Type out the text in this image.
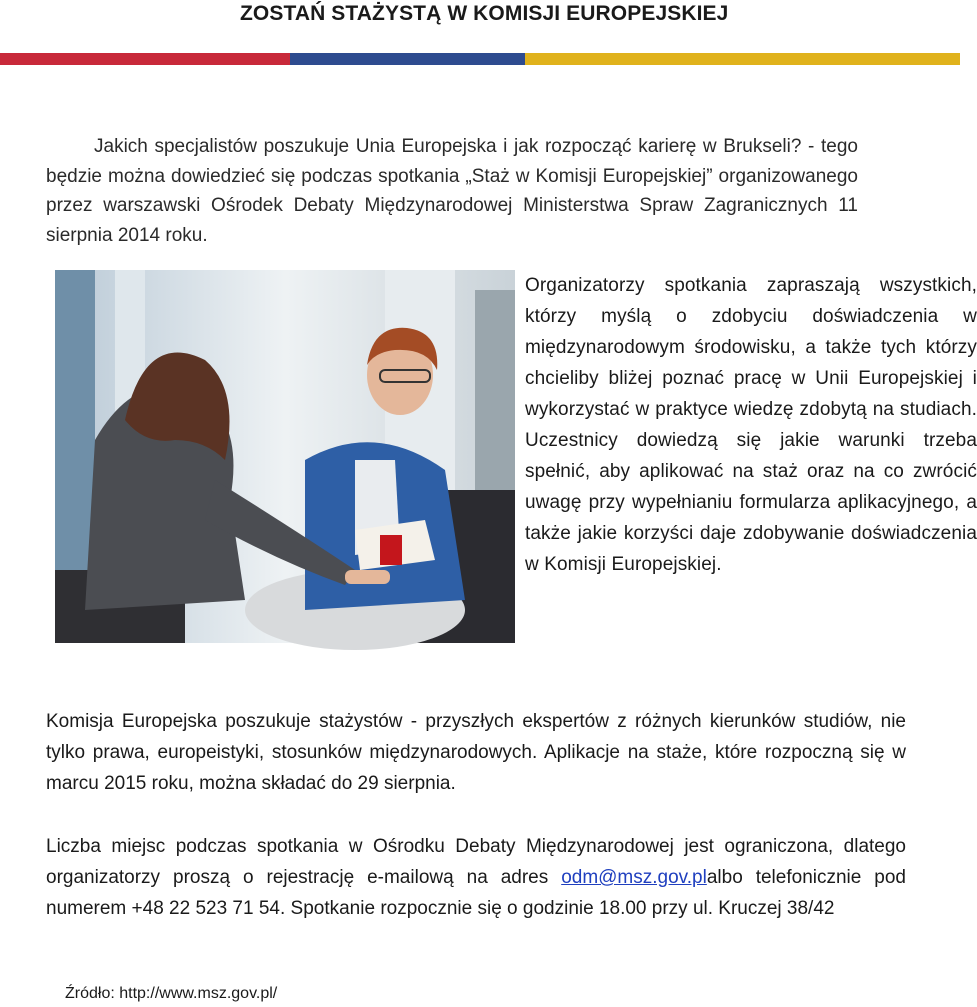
ZOSTAŃ STAŻYSTĄ W KOMISJI EUROPEJSKIEJ

Jakich specjalistów poszukuje Unia Europejska i jak rozpocząć karierę w Brukseli? - tego będzie można dowiedzieć się podczas spotkania „Staż w Komisji Europejskiej” organizowanego przez warszawski Ośrodek Debaty Międzynarodowej Ministerstwa Spraw Zagranicznych 11 sierpnia 2014 roku.

Organizatorzy spotkania zapraszają wszystkich, którzy myślą o zdobyciu doświadczenia w międzynarodowym środowisku, a także tych którzy chcieliby bliżej poznać pracę w Unii Europejskiej i wykorzystać w praktyce wiedzę zdobytą na studiach. Uczestnicy dowiedzą się jakie warunki trzeba spełnić, aby aplikować na staż oraz na co zwrócić uwagę przy wypełnianiu formularza aplikacyjnego, a także jakie korzyści daje zdobywanie doświadczenia w Komisji Europejskiej.

Komisja Europejska poszukuje stażystów - przyszłych ekspertów z różnych kierunków studiów, nie tylko prawa, europeistyki, stosunków międzynarodowych. Aplikacje na staże, które rozpoczną się w marcu 2015 roku, można składać do 29 sierpnia.

Liczba miejsc podczas spotkania w Ośrodku Debaty Międzynarodowej jest ograniczona, dlatego organizatorzy proszą o rejestrację e-mailową na adres odm@msz.gov.plalbo telefonicznie pod numerem +48 22 523 71 54. Spotkanie rozpocznie się o godzinie 18.00 przy ul. Kruczej 38/42

Źródło: http://www.msz.gov.pl/
